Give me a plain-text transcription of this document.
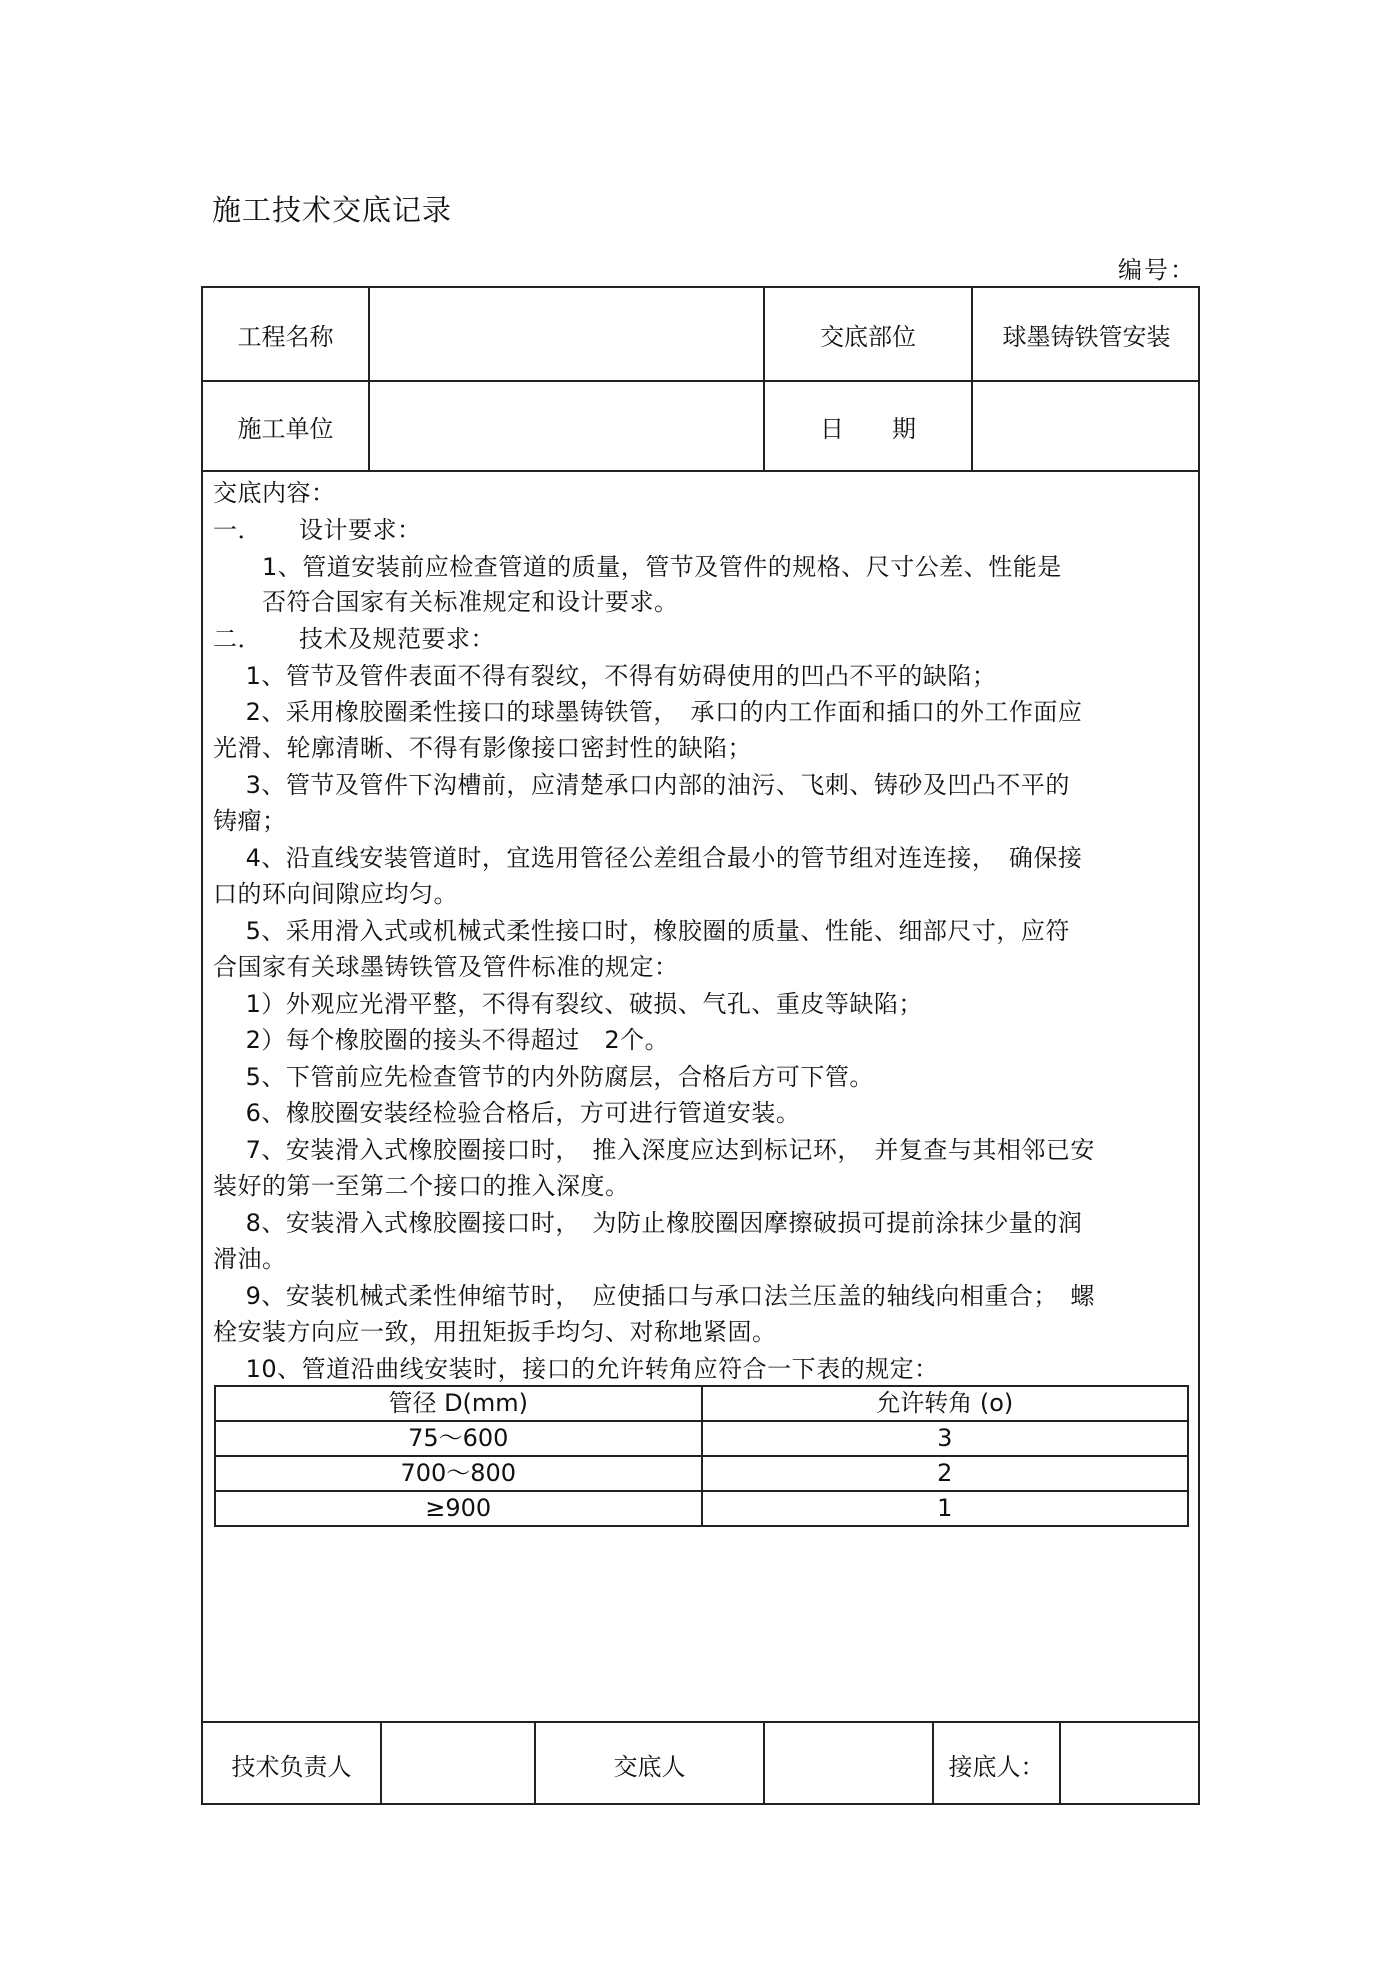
施工技术交底记录
编号：
工程名称	交底部位	球墨铸铁管安装
施工单位	日　　期
交底内容：
一．　　设计要求：
　　1、管道安装前应检查管道的质量，管节及管件的规格、尺寸公差、性能是
　　否符合国家有关标准规定和设计要求。
二．　　技术及规范要求：
　 1、管节及管件表面不得有裂纹，不得有妨碍使用的凹凸不平的缺陷；
　 2、采用橡胶圈柔性接口的球墨铸铁管，　承口的内工作面和插口的外工作面应
光滑、轮廓清晰、不得有影像接口密封性的缺陷；
　 3、管节及管件下沟槽前，应清楚承口内部的油污、飞刺、铸砂及凹凸不平的
铸瘤；
　 4、沿直线安装管道时，宜选用管径公差组合最小的管节组对连连接，　确保接
口的环向间隙应均匀。
　 5、采用滑入式或机械式柔性接口时，橡胶圈的质量、性能、细部尺寸，应符
合国家有关球墨铸铁管及管件标准的规定：
　 1）外观应光滑平整，不得有裂纹、破损、气孔、重皮等缺陷；
　 2）每个橡胶圈的接头不得超过　2个。
　 5、下管前应先检查管节的内外防腐层，合格后方可下管。
　 6、橡胶圈安装经检验合格后，方可进行管道安装。
　 7、安装滑入式橡胶圈接口时，　推入深度应达到标记环，　并复查与其相邻已安
装好的第一至第二个接口的推入深度。
　 8、安装滑入式橡胶圈接口时，　为防止橡胶圈因摩擦破损可提前涂抹少量的润
滑油。
　 9、安装机械式柔性伸缩节时，　应使插口与承口法兰压盖的轴线向相重合；　螺
栓安装方向应一致，用扭矩扳手均匀、对称地紧固。
　 10、管道沿曲线安装时，接口的允许转角应符合一下表的规定：
管径 D(mm)	允许转角 (o)
75～600	3
700～800	2
≥900	1
技术负责人	交底人	接底人：
